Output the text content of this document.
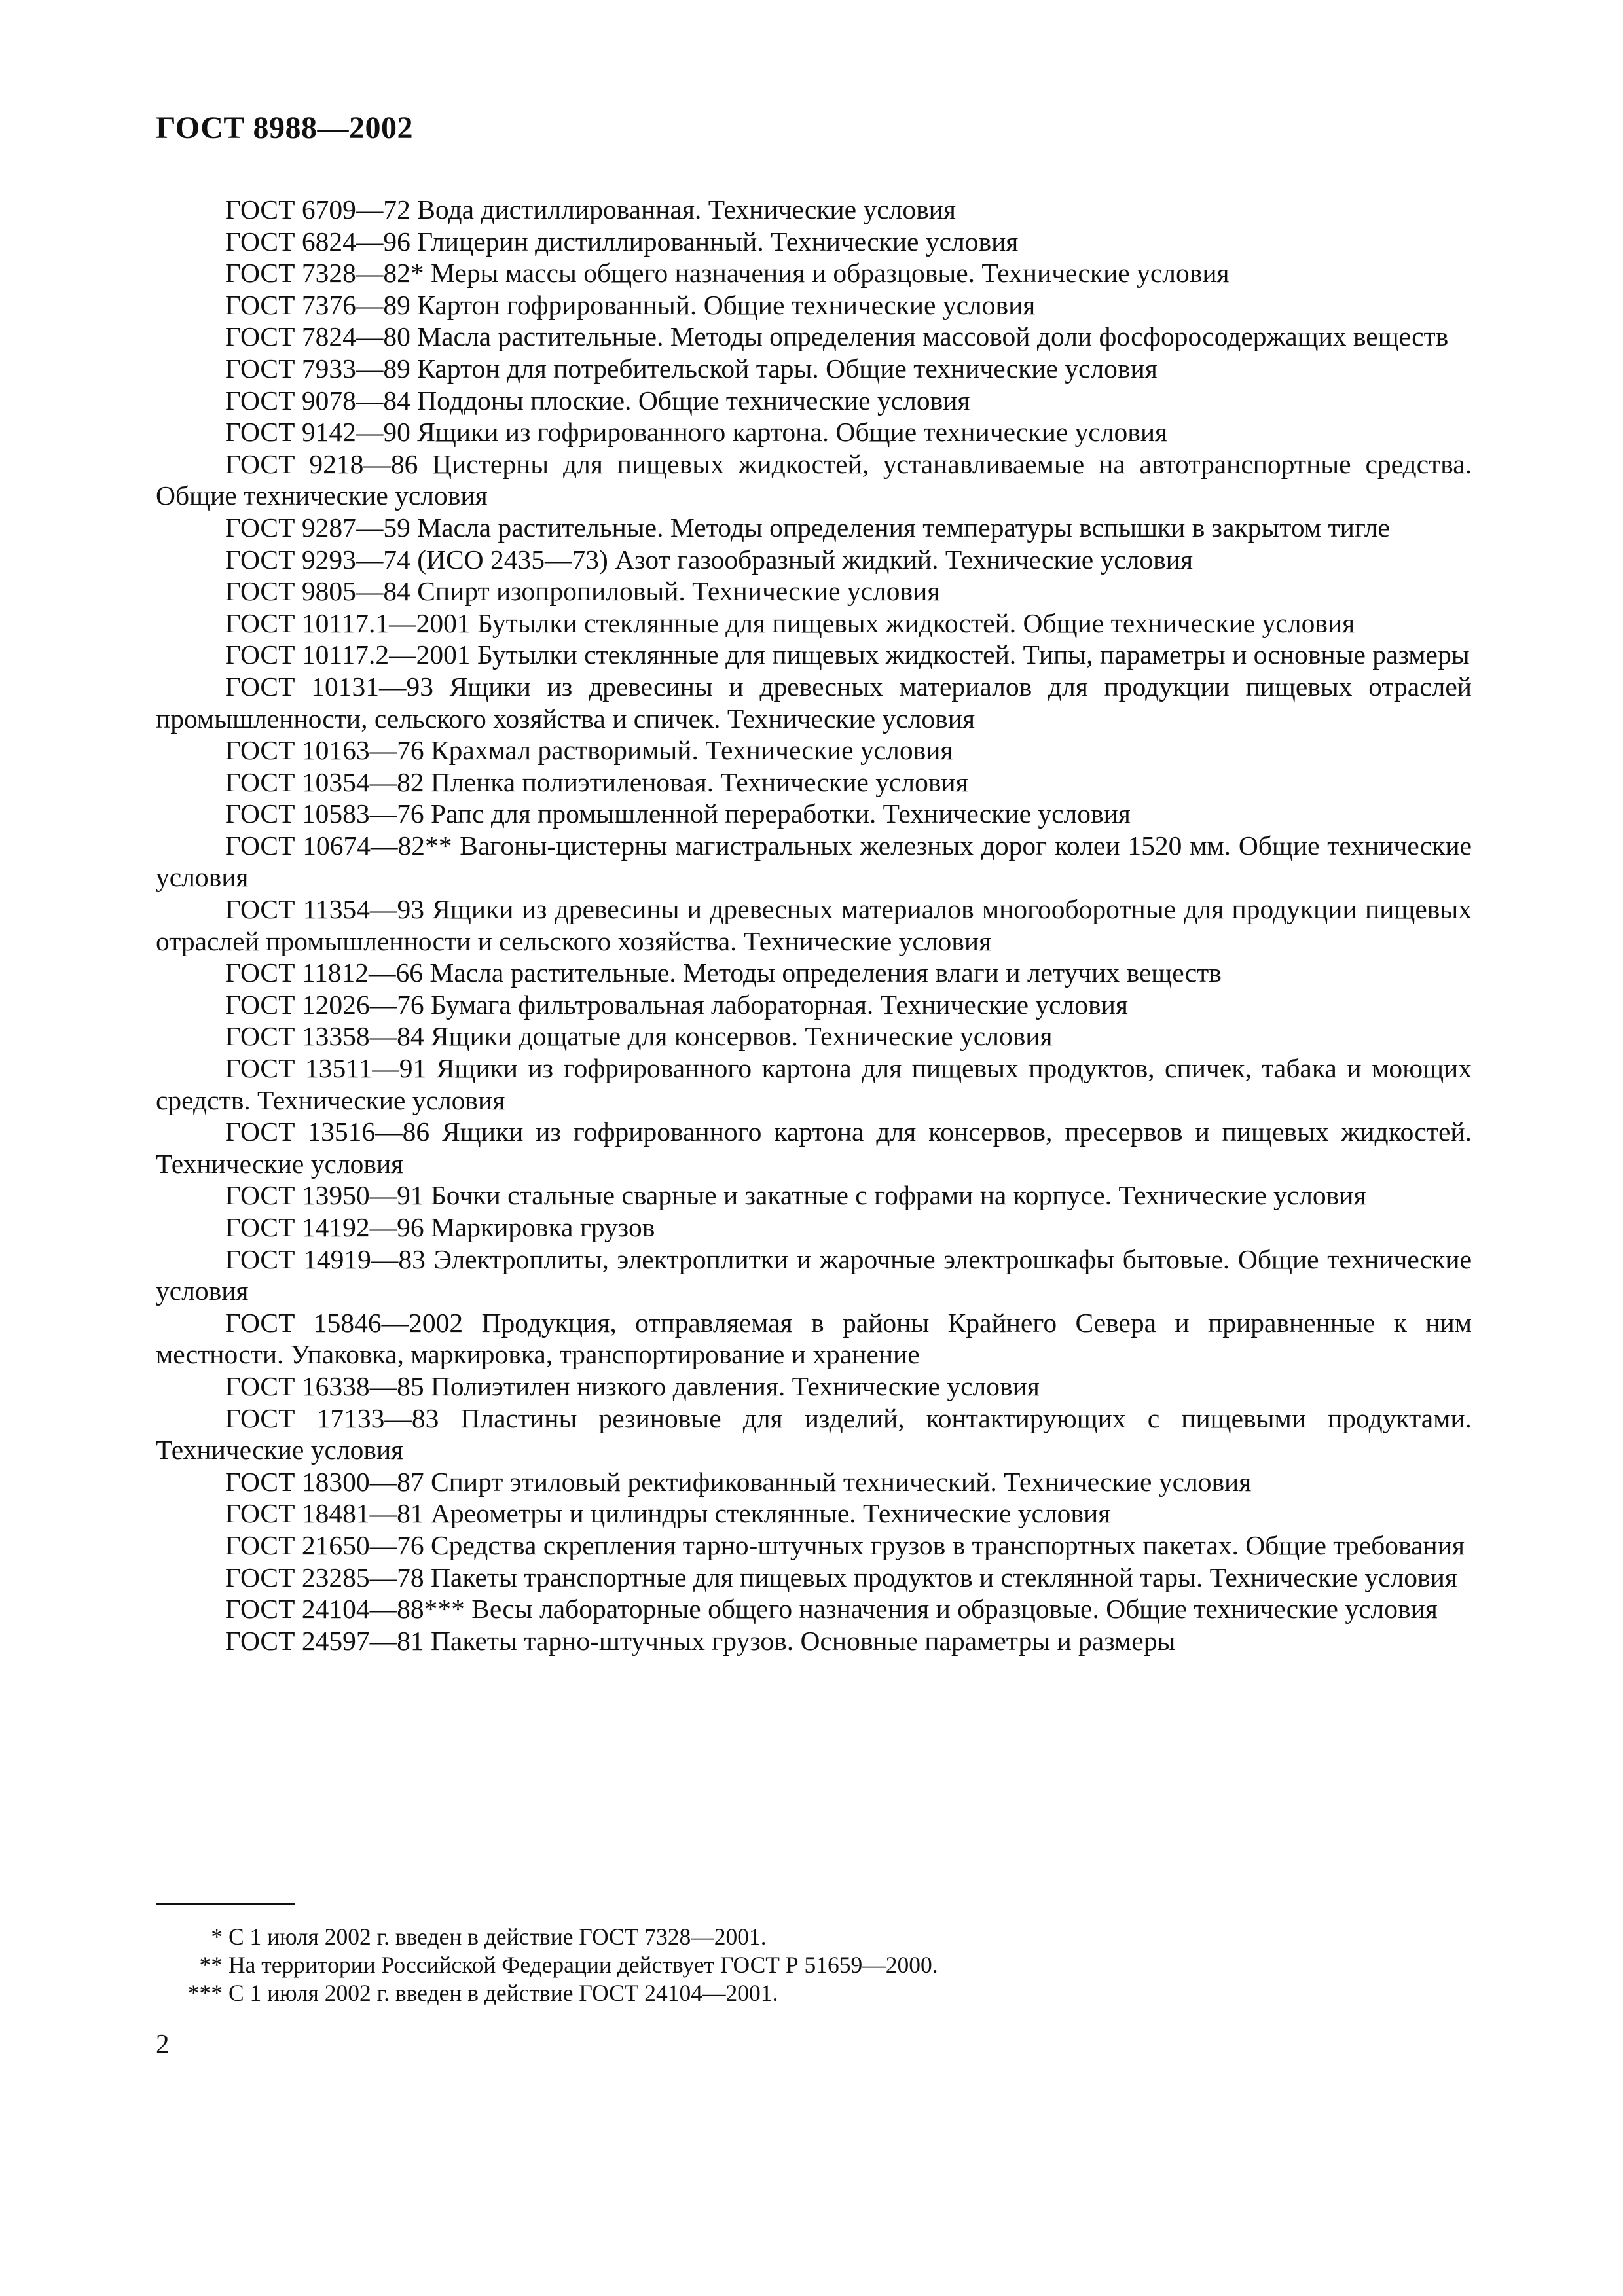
ГОСТ 8988—2002

ГОСТ 6709—72 Вода дистиллированная. Технические условия

ГОСТ 6824—96 Глицерин дистиллированный. Технические условия

ГОСТ 7328—82* Меры массы общего назначения и образцовые. Технические условия

ГОСТ 7376—89 Картон гофрированный. Общие технические условия

ГОСТ 7824—80 Масла растительные. Методы определения массовой доли фосфоросодержащих веществ

ГОСТ 7933—89 Картон для потребительской тары. Общие технические условия

ГОСТ 9078—84 Поддоны плоские. Общие технические условия

ГОСТ 9142—90 Ящики из гофрированного картона. Общие технические условия

ГОСТ 9218—86 Цистерны для пищевых жидкостей, устанавливаемые на автотранспортные средства. Общие технические условия

ГОСТ 9287—59 Масла растительные. Методы определения температуры вспышки в закрытом тигле

ГОСТ 9293—74 (ИСО 2435—73) Азот газообразный жидкий. Технические условия

ГОСТ 9805—84 Спирт изопропиловый. Технические условия

ГОСТ 10117.1—2001 Бутылки стеклянные для пищевых жидкостей. Общие технические условия

ГОСТ 10117.2—2001 Бутылки стеклянные для пищевых жидкостей. Типы, параметры и основные размеры

ГОСТ 10131—93 Ящики из древесины и древесных материалов для продукции пищевых отраслей промышленности, сельского хозяйства и спичек. Технические условия

ГОСТ 10163—76 Крахмал растворимый. Технические условия

ГОСТ 10354—82 Пленка полиэтиленовая. Технические условия

ГОСТ 10583—76 Рапс для промышленной переработки. Технические условия

ГОСТ 10674—82** Вагоны-цистерны магистральных железных дорог колеи 1520 мм. Общие технические условия

ГОСТ 11354—93 Ящики из древесины и древесных материалов многооборотные для продукции пищевых отраслей промышленности и сельского хозяйства. Технические условия

ГОСТ 11812—66 Масла растительные. Методы определения влаги и летучих веществ

ГОСТ 12026—76 Бумага фильтровальная лабораторная. Технические условия

ГОСТ 13358—84 Ящики дощатые для консервов. Технические условия

ГОСТ 13511—91 Ящики из гофрированного картона для пищевых продуктов, спичек, табака и моющих средств. Технические условия

ГОСТ 13516—86 Ящики из гофрированного картона для консервов, пресервов и пищевых жидкостей. Технические условия

ГОСТ 13950—91 Бочки стальные сварные и закатные с гофрами на корпусе. Технические условия

ГОСТ 14192—96 Маркировка грузов

ГОСТ 14919—83 Электроплиты, электроплитки и жарочные электрошкафы бытовые. Общие технические условия

ГОСТ 15846—2002 Продукция, отправляемая в районы Крайнего Севера и приравненные к ним местности. Упаковка, маркировка, транспортирование и хранение

ГОСТ 16338—85 Полиэтилен низкого давления. Технические условия

ГОСТ 17133—83 Пластины резиновые для изделий, контактирующих с пищевыми продуктами. Технические условия

ГОСТ 18300—87 Спирт этиловый ректификованный технический. Технические условия

ГОСТ 18481—81 Ареометры и цилиндры стеклянные. Технические условия

ГОСТ 21650—76 Средства скрепления тарно-штучных грузов в транспортных пакетах. Общие требования

ГОСТ 23285—78 Пакеты транспортные для пищевых продуктов и стеклянной тары. Технические условия

ГОСТ 24104—88*** Весы лабораторные общего назначения и образцовые. Общие технические условия

ГОСТ 24597—81 Пакеты тарно-штучных грузов. Основные параметры и размеры

* С 1 июля 2002 г. введен в действие ГОСТ 7328—2001.

** На территории Российской Федерации действует ГОСТ Р 51659—2000.

*** С 1 июля 2002 г. введен в действие ГОСТ 24104—2001.

2
